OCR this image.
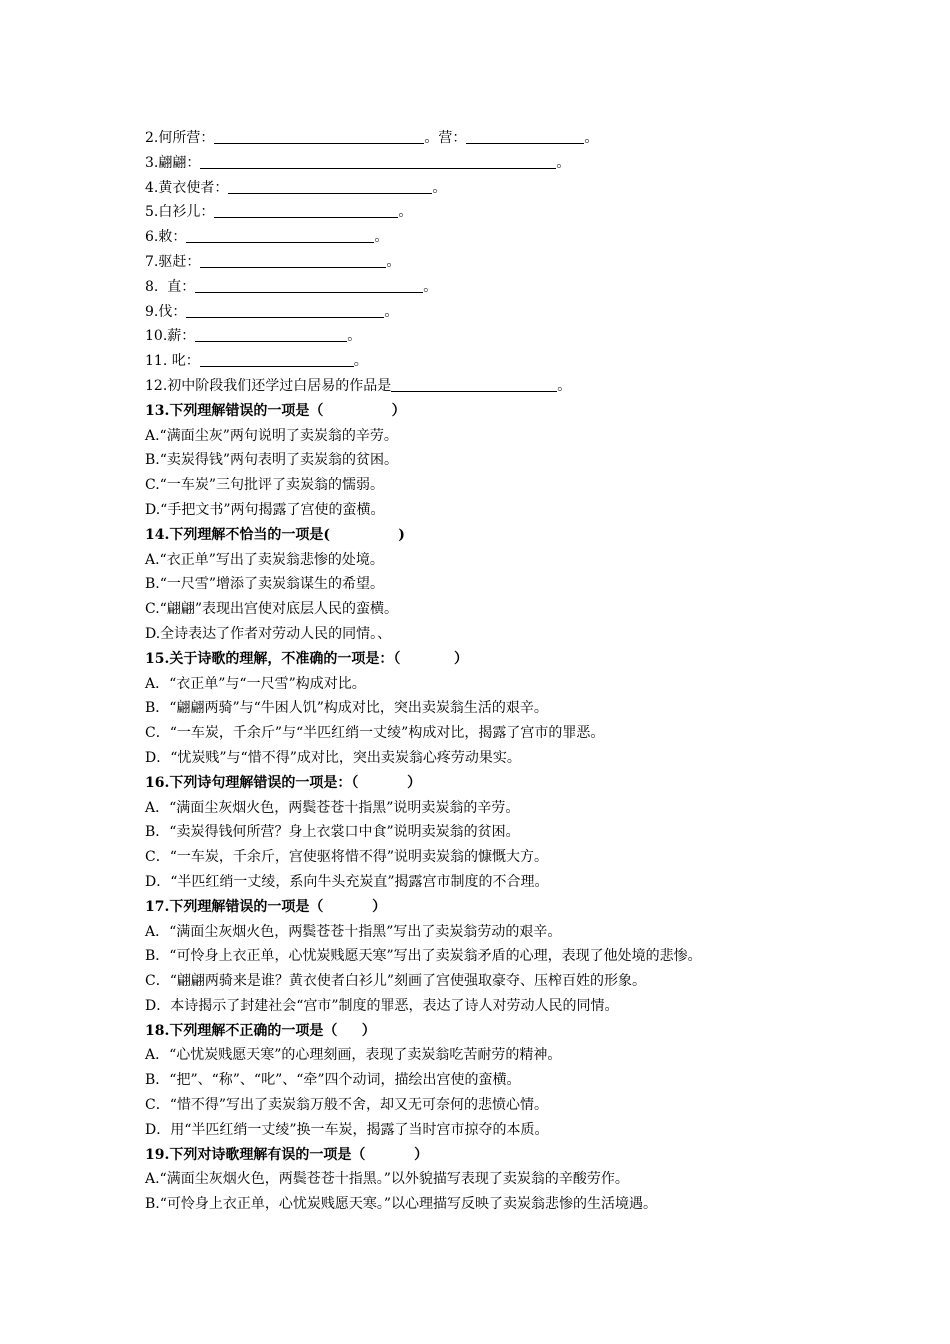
2.何所营：	。营：	。
3.翩翩：	。
4.黄衣使者：	。
5.白衫儿：	。
6.敕：	。
7.驱赶：	。
8.  直：	。
9.伐：	。
10.薪：	。
11. 叱：	。
12.初中阶段我们还学过白居易的作品是	。
13.下列理解错误的一项是（              ）
A.“满面尘灰”两句说明了卖炭翁的辛劳。
B.“卖炭得钱”两句表明了卖炭翁的贫困。
C.“一车炭”三句批评了卖炭翁的懦弱。
D.“手把文书”两句揭露了宫使的蛮横。
14.下列理解不恰当的一项是(              )
A.“衣正单”写出了卖炭翁悲惨的处境。
B.“一尺雪”增添了卖炭翁谋生的希望。
C.“翩翩”表现出宫使对底层人民的蛮横。
D.全诗表达了作者对劳动人民的同情。、
15.关于诗歌的理解，不准确的一项是：（           ）
A．“衣正单”与“一尺雪”构成对比。
B．“翩翩两骑”与“牛困人饥”构成对比，突出卖炭翁生活的艰辛。
C．“一车炭，千余斤”与“半匹红绡一丈绫”构成对比，揭露了宫市的罪恶。
D．“忧炭贱”与“惜不得”成对比，突出卖炭翁心疼劳动果实。
16.下列诗句理解错误的一项是：（          ）
A．“满面尘灰烟火色，两鬓苍苍十指黑”说明卖炭翁的辛劳。
B．“卖炭得钱何所营？身上衣裳口中食”说明卖炭翁的贫困。
C．“一车炭，千余斤，宫使驱将惜不得”说明卖炭翁的慷慨大方。
D．“半匹红绡一丈绫，系向牛头充炭直”揭露宫市制度的不合理。
17.下列理解错误的一项是（          ）
A．“满面尘灰烟火色，两鬓苍苍十指黑”写出了卖炭翁劳动的艰辛。
B．“可怜身上衣正单，心忧炭贱愿天寒”写出了卖炭翁矛盾的心理，表现了他处境的悲惨。
C．“翩翩两骑来是谁？黄衣使者白衫儿”刻画了宫使强取豪夺、压榨百姓的形象。
D．本诗揭示了封建社会“宫市”制度的罪恶，表达了诗人对劳动人民的同情。
18.下列理解不正确的一项是（     ）
A．“心忧炭贱愿天寒”的心理刻画，表现了卖炭翁吃苦耐劳的精神。
B．“把”、“称”、“叱”、“牵”四个动词，描绘出宫使的蛮横。
C．“惜不得”写出了卖炭翁万般不舍，却又无可奈何的悲愤心情。
D．用“半匹红绡一丈绫”换一车炭，揭露了当时宫市掠夺的本质。
19.下列对诗歌理解有误的一项是（          ）
A.“满面尘灰烟火色，两鬓苍苍十指黑。”以外貌描写表现了卖炭翁的辛酸劳作。
B.“可怜身上衣正单，心忧炭贱愿天寒。”以心理描写反映了卖炭翁悲惨的生活境遇。
